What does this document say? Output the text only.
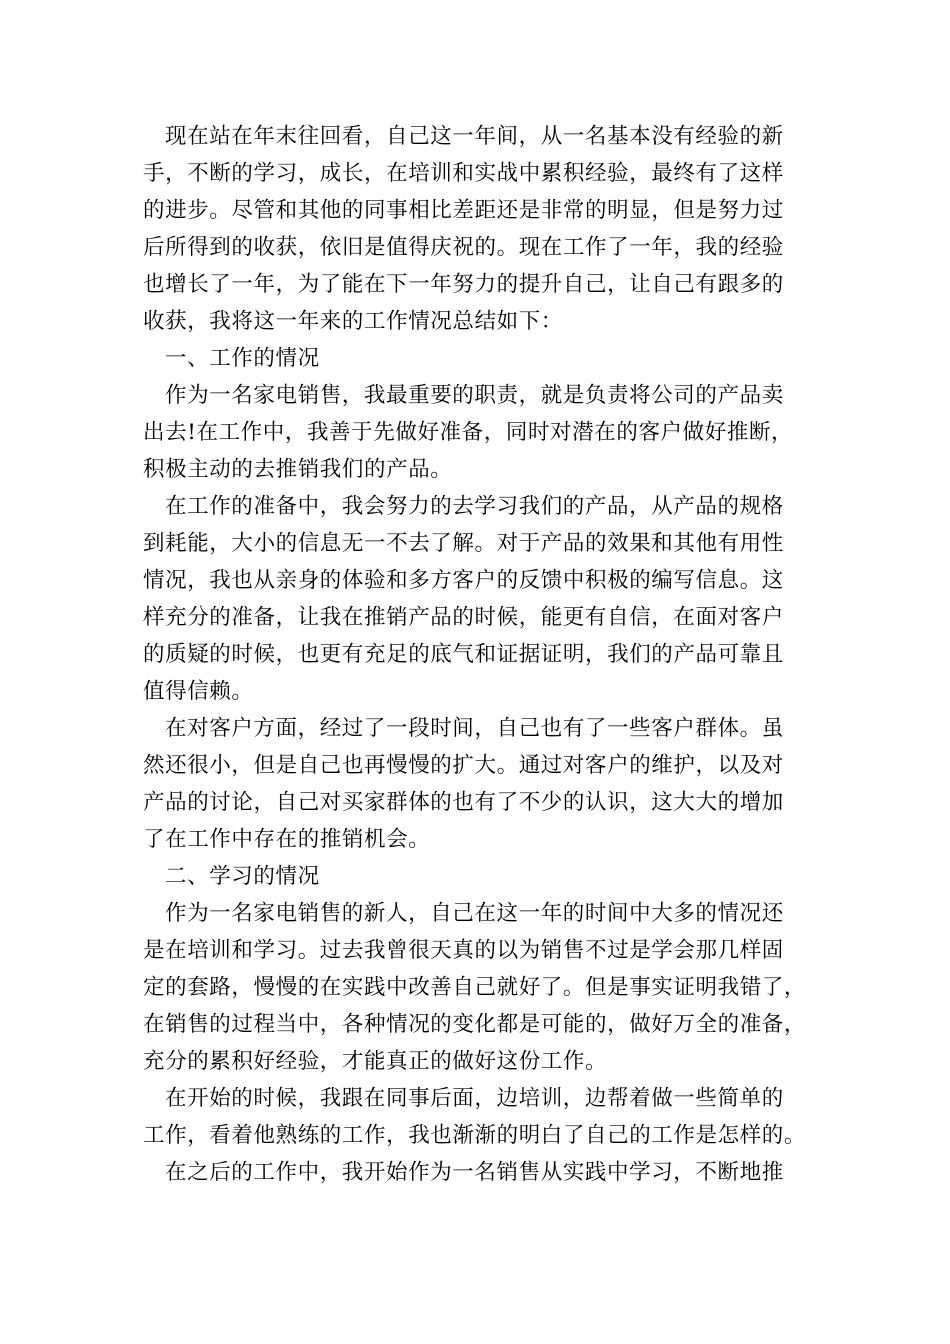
现在站在年末往回看，自己这一年间，从一名基本没有经验的新
手，不断的学习，成长，在培训和实战中累积经验，最终有了这样
的进步。尽管和其他的同事相比差距还是非常的明显，但是努力过
后所得到的收获，依旧是值得庆祝的。现在工作了一年，我的经验
也增长了一年，为了能在下一年努力的提升自己，让自己有跟多的
收获，我将这一年来的工作情况总结如下：

一、工作的情况

作为一名家电销售，我最重要的职责，就是负责将公司的产品卖
出去!在工作中，我善于先做好准备，同时对潜在的客户做好推断，
积极主动的去推销我们的产品。

在工作的准备中，我会努力的去学习我们的产品，从产品的规格
到耗能，大小的信息无一不去了解。对于产品的效果和其他有用性
情况，我也从亲身的体验和多方客户的反馈中积极的编写信息。这
样充分的准备，让我在推销产品的时候，能更有自信，在面对客户
的质疑的时候，也更有充足的底气和证据证明，我们的产品可靠且
值得信赖。

在对客户方面，经过了一段时间，自己也有了一些客户群体。虽
然还很小，但是自己也再慢慢的扩大。通过对客户的维护，以及对
产品的讨论，自己对买家群体的也有了不少的认识，这大大的增加
了在工作中存在的推销机会。

二、学习的情况

作为一名家电销售的新人，自己在这一年的时间中大多的情况还
是在培训和学习。过去我曾很天真的以为销售不过是学会那几样固
定的套路，慢慢的在实践中改善自己就好了。但是事实证明我错了，
在销售的过程当中，各种情况的变化都是可能的，做好万全的准备，
充分的累积好经验，才能真正的做好这份工作。

在开始的时候，我跟在同事后面，边培训，边帮着做一些简单的
工作，看着他熟练的工作，我也渐渐的明白了自己的工作是怎样的。

在之后的工作中，我开始作为一名销售从实践中学习，不断地推
